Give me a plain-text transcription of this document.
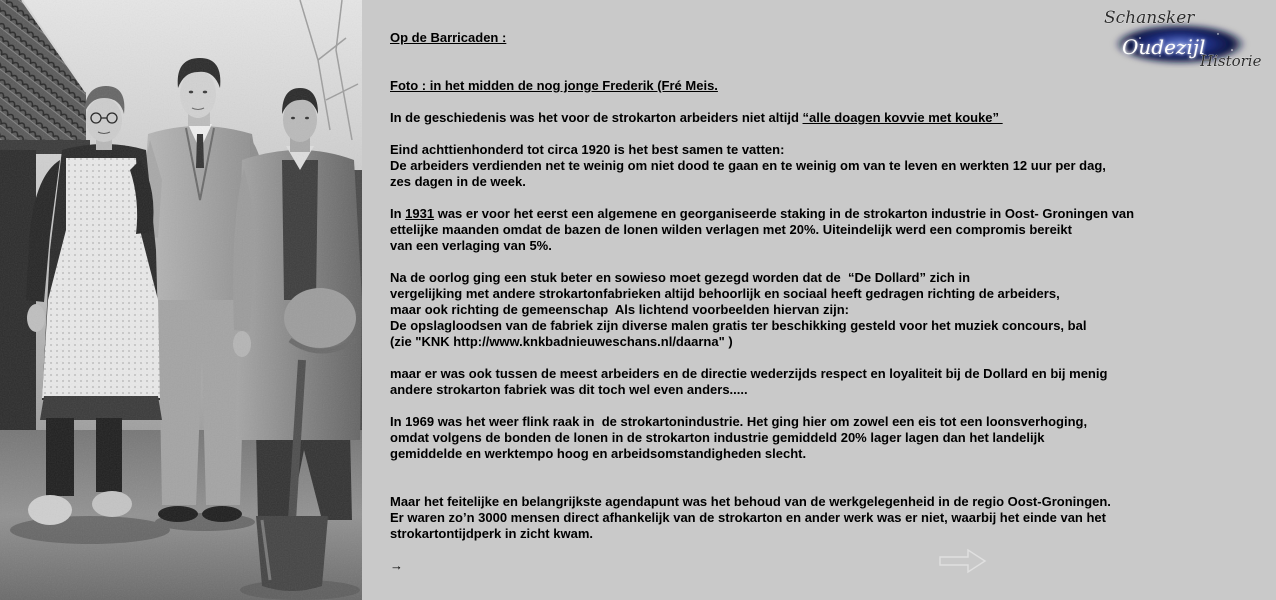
Schansker
Oudezijl
Historie
Op de Barricaden :
Foto : in het midden de nog jonge Frederik (Fré Meis.
In de geschiedenis was het voor de strokarton arbeiders niet altijd “alle doagen kovvie met kouke”
Eind achttienhonderd tot circa 1920 is het best samen te vatten:
De arbeiders verdienden net te weinig om niet dood te gaan en te weinig om van te leven en werkten 12 uur per dag,
zes dagen in de week.
In 1931 was er voor het eerst een algemene en georganiseerde staking in de strokarton industrie in Oost- Groningen van
ettelijke maanden omdat de bazen de lonen wilden verlagen met 20%. Uiteindelijk werd een compromis bereikt
van een verlaging van 5%.
Na de oorlog ging een stuk beter en sowieso moet gezegd worden dat de  “De Dollard” zich in
vergelijking met andere strokartonfabrieken altijd behoorlijk en sociaal heeft gedragen richting de arbeiders,
maar ook richting de gemeenschap  Als lichtend voorbeelden hiervan zijn:
De opslagloodsen van de fabriek zijn diverse malen gratis ter beschikking gesteld voor het muziek concours, bal
(zie "KNK http://www.knkbadnieuweschans.nl/daarna" )
maar er was ook tussen de meest arbeiders en de directie wederzijds respect en loyaliteit bij de Dollard en bij menig
andere strokarton fabriek was dit toch wel even anders.....
In 1969 was het weer flink raak in  de strokartonindustrie. Het ging hier om zowel een eis tot een loonsverhoging,
omdat volgens de bonden de lonen in de strokarton industrie gemiddeld 20% lager lagen dan het landelijk
gemiddelde en werktempo hoog en arbeidsomstandigheden slecht.
Maar het feitelijke en belangrijkste agendapunt was het behoud van de werkgelegenheid in de regio Oost-Groningen.
Er waren zo’n 3000 mensen direct afhankelijk van de strokarton en ander werk was er niet, waarbij het einde van het
strokartontijdperk in zicht kwam.
→
